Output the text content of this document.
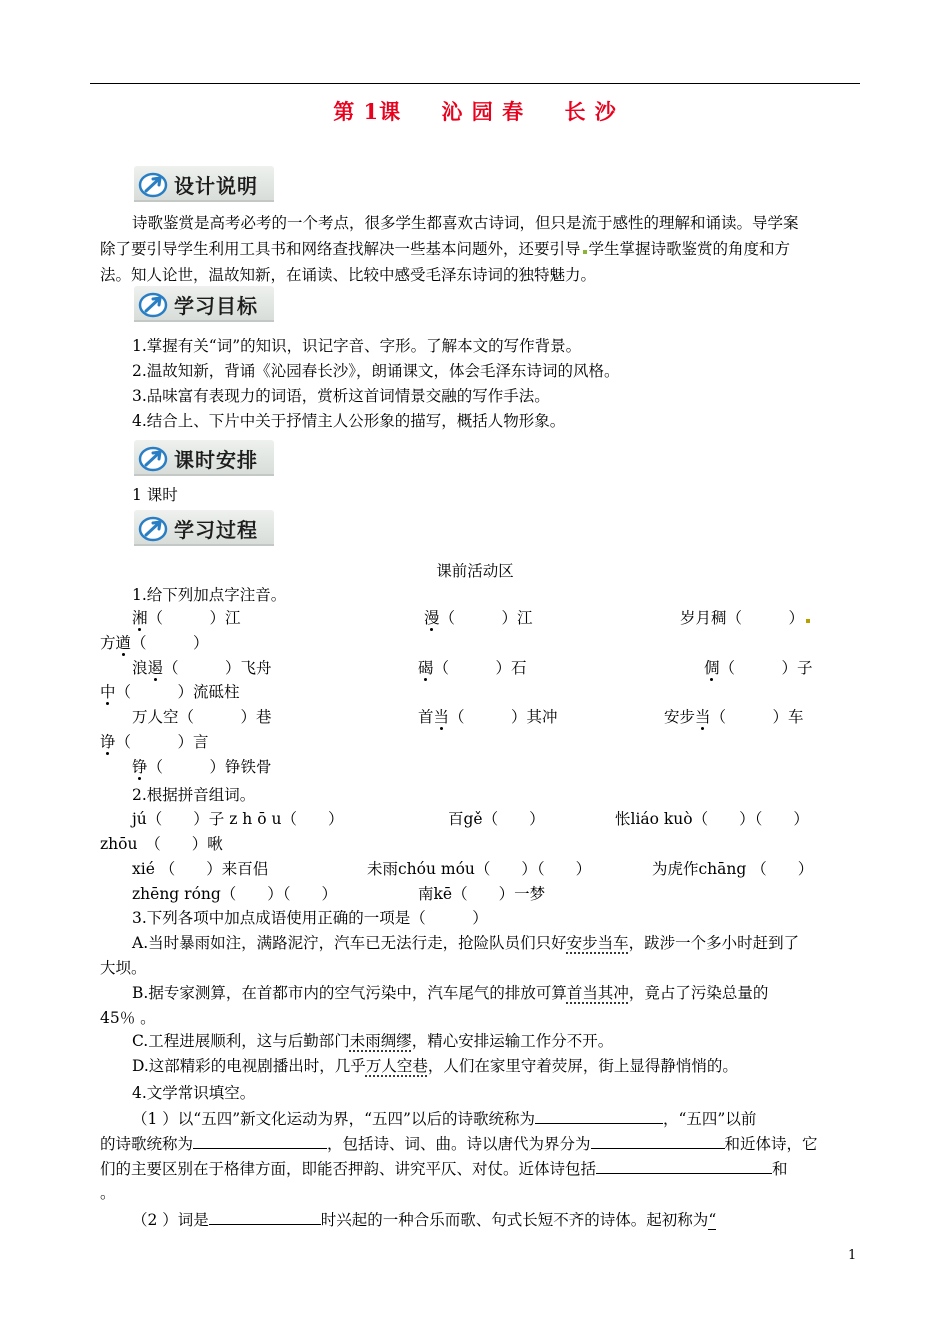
第 1课 沁 园 春 长 沙
设计说明
诗歌鉴赏是高考必考的一个考点，很多学生都喜欢古诗词，但只是流于感性的理解和诵读。导学案
除了要引导学生利用工具书和网络查找解决一些基本问题外，还要引导 学生掌握诗歌鉴赏的角度和方
法。知人论世，温故知新，在诵读、比较中感受毛泽东诗词的独特魅力。
学习目标
1.掌握有关“词”的知识，识记字音、字形。了解本文的写作背景。
2.温故知新，背诵《沁园春长沙》，朗诵课文，体会毛泽东诗词的风格。
3.品味富有表现力的词语，赏析这首词情景交融的写作手法。
4.结合上、下片中关于抒情主人公形象的描写，概括人物形象。
课时安排
1 课时
学习过程
课前活动区
1.给下列加点字注音。
湘（　　　）江	漫（　　　）江	岁月稠（　　　）
方遒（　　　）
浪遏（　　　）飞舟	碣（　　　）石	倜（　　　）子
中（　　　）流砥柱
万人空（　　　）巷	首当（　　　）其冲	安步当（　　　）车
诤（　　　）言
铮（　　　）铮铁骨
2.根据拼音组词。
jú（　　）子 z h ō u（　　）	百gě（　　）	怅liáo kuò（　　）（　　）
zhōu　（　　）啾
xié （　　）来百侣	未雨chóu móu（　　）（　　）	为虎作chāng （　　）
zhēng róng（　　）（　　）	南kē（　　）一梦
3.下列各项中加点成语使用正确的一项是（　　　）
A.当时暴雨如注，满路泥泞，汽车已无法行走，抢险队员们只好安步当车，跋涉一个多小时赶到了
大坝。
B.据专家测算，在首都市内的空气污染中，汽车尾气的排放可算首当其冲，竟占了污染总量的
45％ 。
C.工程进展顺利，这与后勤部门未雨绸缪，精心安排运输工作分不开。
D.这部精彩的电视剧播出时，几乎万人空巷，人们在家里守着荧屏，街上显得静悄悄的。
4.文学常识填空。
（1 ）以“五四”新文化运动为界，“五四”以后的诗歌统称为	，“五四”以前
的诗歌统称为	，包括诗、词、曲。诗以唐代为界分为	和近体诗，它
们的主要区别在于格律方面，即能否押韵、讲究平仄、对仗。近体诗包括	和
。
（2 ）词是	时兴起的一种合乐而歌、句式长短不齐的诗体。起初称为“
1
